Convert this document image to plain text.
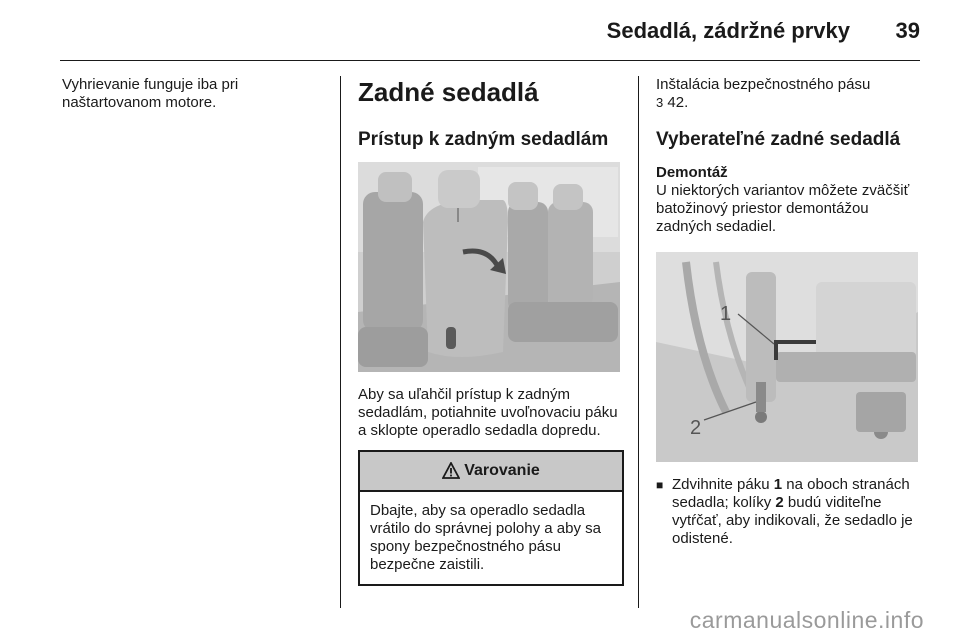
Sedadlá, zádržné prvky 39

Vyhrievanie funguje iba pri naštartovanom motore.	Zadné sedadlá
Prístup k zadným sedadlám

Aby sa uľahčil prístup k zadným sedadlám, potiahnite uvoľnovaciu páku a sklopte operadlo sedadla dopredu.

Varovanie
Dbajte, aby sa operadlo sedadla vrátilo do správnej polohy a aby sa spony bezpečnostného pásu bezpečne zaistili.

Inštalácia bezpečnostného pásu
3 42.

Vyberateľné zadné sedadlá
Demontáž

U niektorých variantov môžete zväčšiť batožinový priestor demontážou zadných sedadiel.

1
2
■ Zdvihnite páku 1 na oboch stranách sedadla; kolíky 2 budú viditeľne vytŕčať, aby indikovali, že sedadlo je odistené.
carmanualsonline.info
